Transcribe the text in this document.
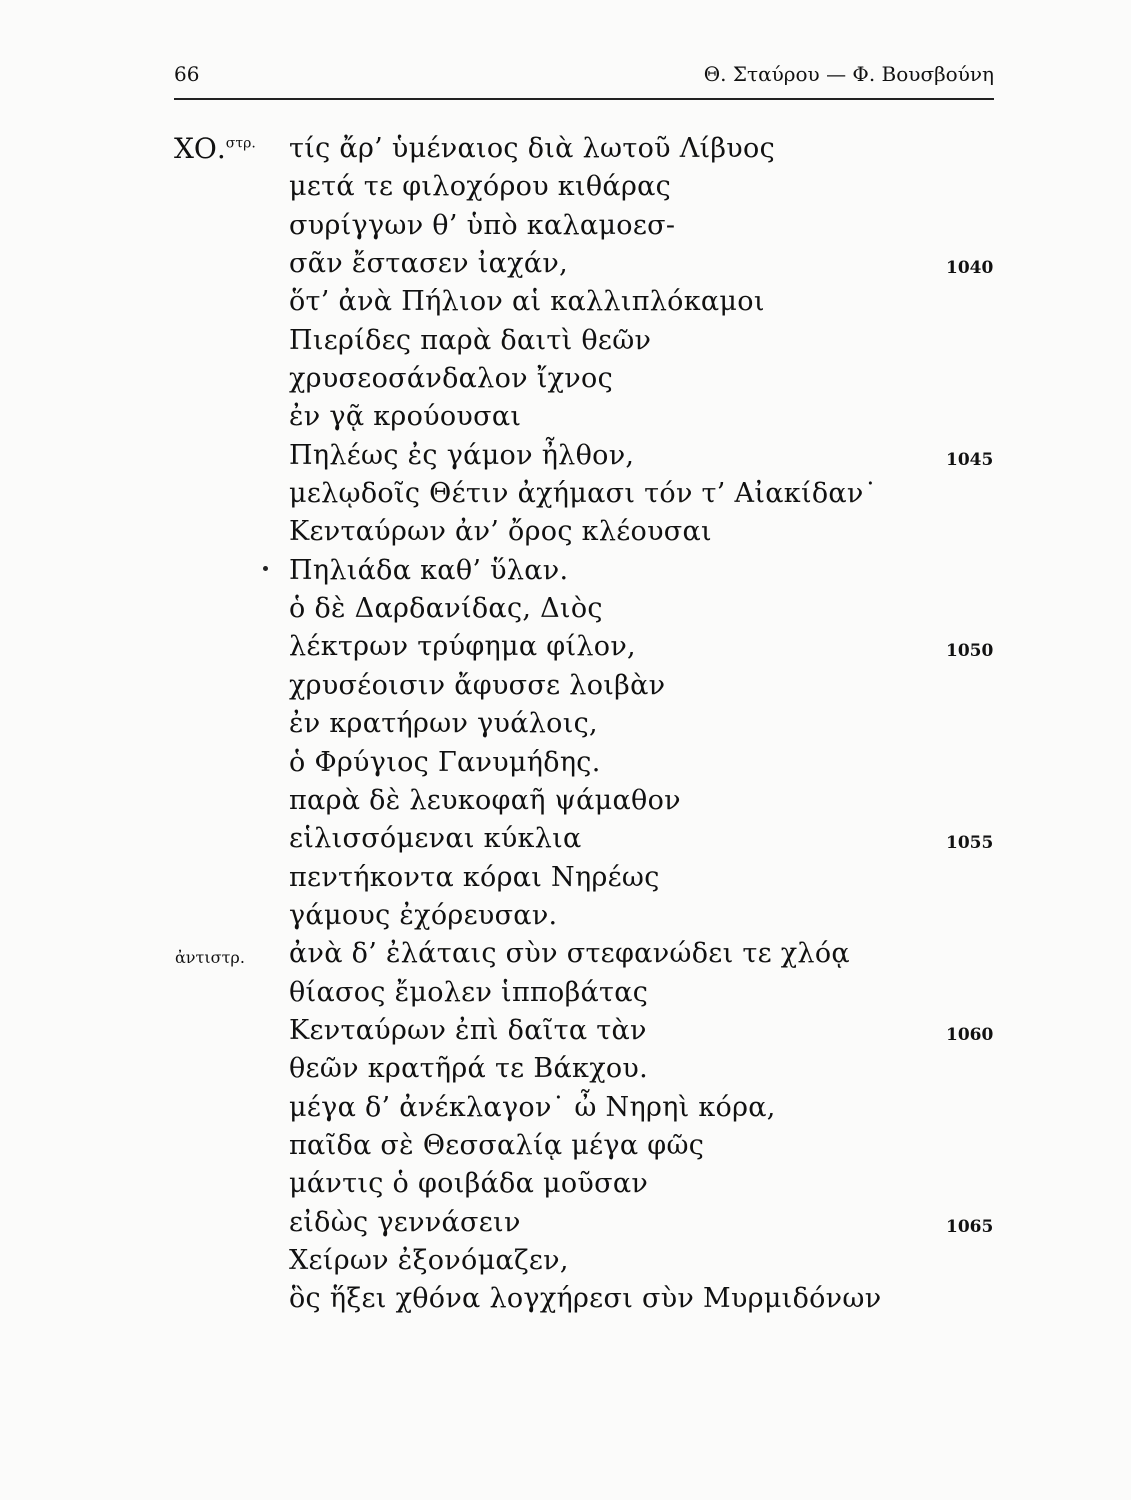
66	Θ. Σταύρου — Φ. Βουσβούνη
ΧΟ.$^{\sigma\tau\rho.}$ τίς ἄρ’ ὑμέναιος διὰ λωτοῦ Λίβυος
μετά τε φιλοχόρου κιθάρας
συρίγγων θ’ ὑπὸ καλαμοεσ-
σᾶν ἔστασεν ἰαχάν,	1040
ὅτ’ ἀνὰ Πήλιον αἱ καλλιπλόκαμοι
Πιερίδες παρὰ δαιτὶ θεῶν
χρυσεοσάνδαλον ἴχνος
ἐν γᾷ κρούουσαι
Πηλέως ἐς γάμον ἦλθον,	1045
μελῳδοῖς Θέτιν ἀχήμασι τόν τ’ Αἰακίδαν˙
Κενταύρων ἀν’ ὄρος κλέουσαι
Πηλιάδα καθ’ ὕλαν.
ὁ δὲ Δαρδανίδας, Διὸς
λέκτρων τρύφημα φίλον,	1050
χρυσέοισιν ἄφυσσε λοιβὰν
ἐν κρατήρων γυάλοις,
ὁ Φρύγιος Γανυμήδης.
παρὰ δὲ λευκοφαῆ ψάμαθον
εἱλισσόμεναι κύκλια	1055
πεντήκοντα κόραι Νηρέως
γάμους ἐχόρευσαν.
ἀντιστρ. ἀνὰ δ’ ἐλάταις σὺν στεφανώδει τε χλόᾳ
θίασος ἔμολεν ἱπποβάτας
Κενταύρων ἐπὶ δαῖτα τὰν	1060
θεῶν κρατῆρά τε Βάκχου.
μέγα δ’ ἀνέκλαγον˙ ὦ Νηρηὶ κόρα,
παῖδα σὲ Θεσσαλίᾳ μέγα φῶς
μάντις ὁ φοιβάδα μοῦσαν
εἰδὼς γεννάσειν	1065
Χείρων ἐξονόμαζεν,
ὃς ἥξει χθόνα λογχήρεσι σὺν Μυρμιδόνων
